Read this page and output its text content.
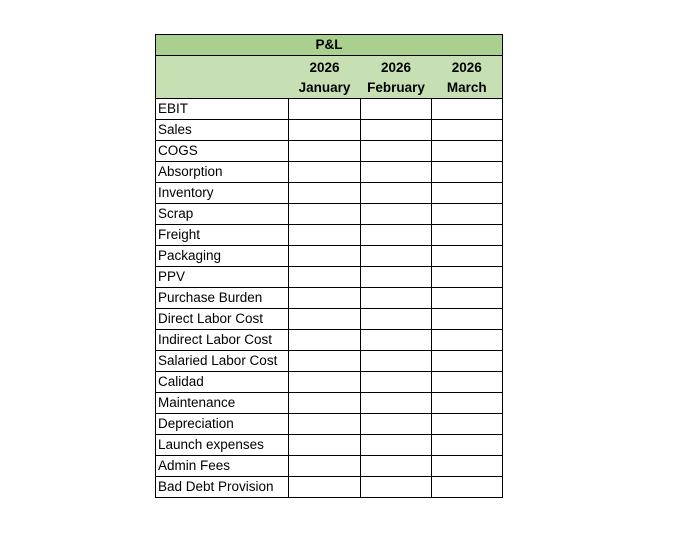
P&L			
	2026	2026	2026
	January	February	March
EBIT			
Sales			
COGS			
Absorption			
Inventory			
Scrap			
Freight			
Packaging			
PPV			
Purchase Burden			
Direct Labor Cost			
Indirect Labor Cost			
Salaried Labor Cost			
Calidad			
Maintenance			
Depreciation			
Launch expenses			
Admin Fees			
Bad Debt Provision			
